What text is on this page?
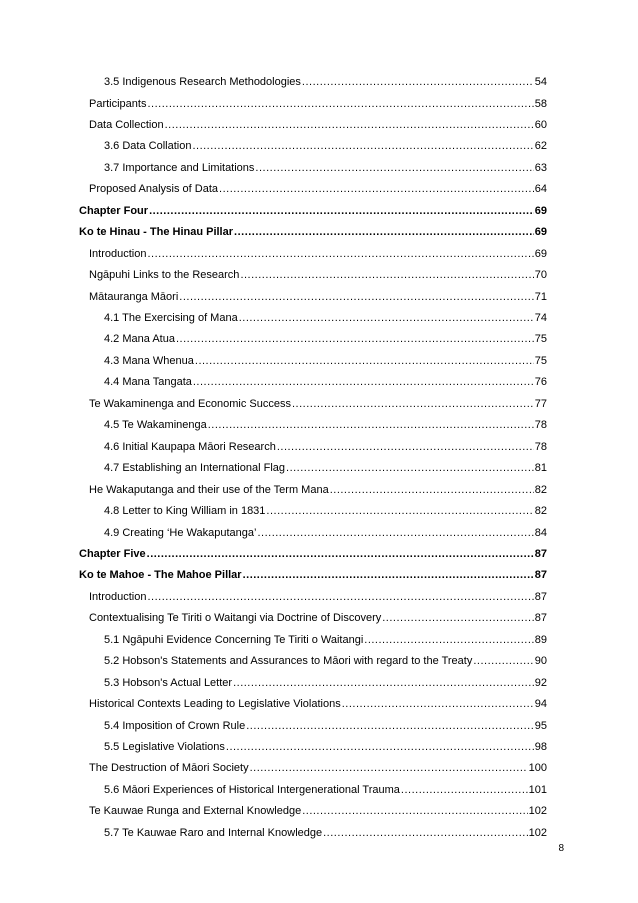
3.5 Indigenous Research Methodologies .....	54
Participants .....	58
Data Collection .....	60
3.6 Data Collation .....	62
3.7 Importance and Limitations .....	63
Proposed Analysis of Data .....	64
Chapter Four .....	69
Ko te Hinau - The Hinau Pillar .....	69
Introduction .....	69
Ngāpuhi Links to the Research .....	70
Mātauranga Māori .....	71
4.1 The Exercising of Mana .....	74
4.2 Mana Atua .....	75
4.3 Mana Whenua .....	75
4.4 Mana Tangata .....	76
Te Wakaminenga and Economic Success .....	77
4.5 Te Wakaminenga .....	78
4.6 Initial Kaupapa Māori Research .....	78
4.7 Establishing an International Flag .....	81
He Wakaputanga and their use of the Term Mana .....	82
4.8 Letter to King William in 1831 .....	82
4.9 Creating ‘He Wakaputanga’ .....	84
Chapter Five .....	87
Ko te Mahoe - The Mahoe Pillar .....	87
Introduction .....	87
Contextualising Te Tiriti o Waitangi via Doctrine of Discovery .....	87
5.1 Ngāpuhi Evidence Concerning Te Tiriti o Waitangi .....	89
5.2 Hobson's Statements and Assurances to Māori with regard to the Treaty .....	90
5.3 Hobson's Actual Letter .....	92
Historical Contexts Leading to Legislative Violations .....	94
5.4 Imposition of Crown Rule .....	95
5.5 Legislative Violations .....	98
The Destruction of Māori Society .....	100
5.6 Māori Experiences of Historical Intergenerational Trauma .....	101
Te Kauwae Runga and External Knowledge .....	102
5.7 Te Kauwae Raro and Internal Knowledge .....	102
8
